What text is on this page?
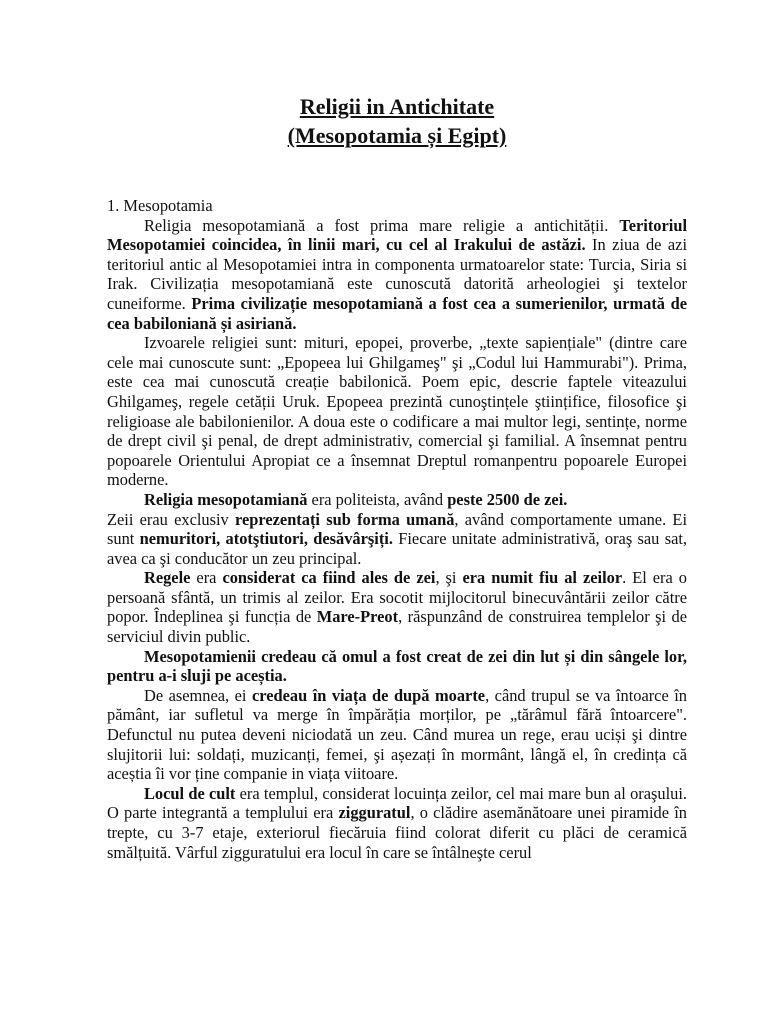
Religii in Antichitate
(Mesopotamia și Egipt)

1. Mesopotamia

Religia mesopotamiană a fost prima mare religie a antichității. Teritoriul Mesopotamiei coincidea, în linii mari, cu cel al Irakului de astăzi. In ziua de azi teritoriul antic al Mesopotamiei intra in componenta urmatoarelor state: Turcia, Siria si Irak. Civilizația mesopotamiană este cunoscută datorită arheologiei şi textelor cuneiforme. Prima civilizație mesopotamiană a fost cea a sumerienilor, urmată de cea babiloniană și asiriană.

Izvoarele religiei sunt: mituri, epopei, proverbe, „texte sapiențiale" (dintre care cele mai cunoscute sunt: „Epopeea lui Ghilgameş" şi „Codul lui Hammurabi"). Prima, este cea mai cunoscută creație babilonică. Poem epic, descrie faptele viteazului Ghilgameş, regele cetății Uruk. Epopeea prezintă cunoştințele ştiințifice, filosofice şi religioase ale babilonienilor. A doua este o codificare a mai multor legi, sentințe, norme de drept civil şi penal, de drept administrativ, comercial şi familial. A însemnat pentru popoarele Orientului Apropiat ce a însemnat Dreptul romanpentru popoarele Europei moderne.

Religia mesopotamiană era politeista, având peste 2500 de zei.

Zeii erau exclusiv reprezentați sub forma umană, având comportamente umane. Ei sunt nemuritori, atotştiutori, desăvârşiți. Fiecare unitate administrativă, oraş sau sat, avea ca şi conducător un zeu principal.

Regele era considerat ca fiind ales de zei, şi era numit fiu al zeilor. El era o persoană sfântă, un trimis al zeilor. Era socotit mijlocitorul binecuvântării zeilor către popor. Îndeplinea şi funcția de Mare-Preot, răspunzând de construirea templelor şi de serviciul divin public.

Mesopotamienii credeau că omul a fost creat de zei din lut și din sângele lor, pentru a-i sluji pe aceștia.

De asemnea, ei credeau în viața de după moarte, când trupul se va întoarce în pământ, iar sufletul va merge în împărăția morților, pe „tărâmul fără întoarcere". Defunctul nu putea deveni niciodată un zeu. Când murea un rege, erau uciși şi dintre slujitorii lui: soldați, muzicanți, femei, şi așezați în mormânt, lângă el, în credința că aceștia îi vor ține companie in viața viitoare.

Locul de cult era templul, considerat locuința zeilor, cel mai mare bun al oraşului. O parte integrantă a templului era zigguratul, o clădire asemănătoare unei piramide în trepte, cu 3-7 etaje, exteriorul fiecăruia fiind colorat diferit cu plăci de ceramică smălțuită. Vârful zigguratului era locul în care se întâlneşte cerul
